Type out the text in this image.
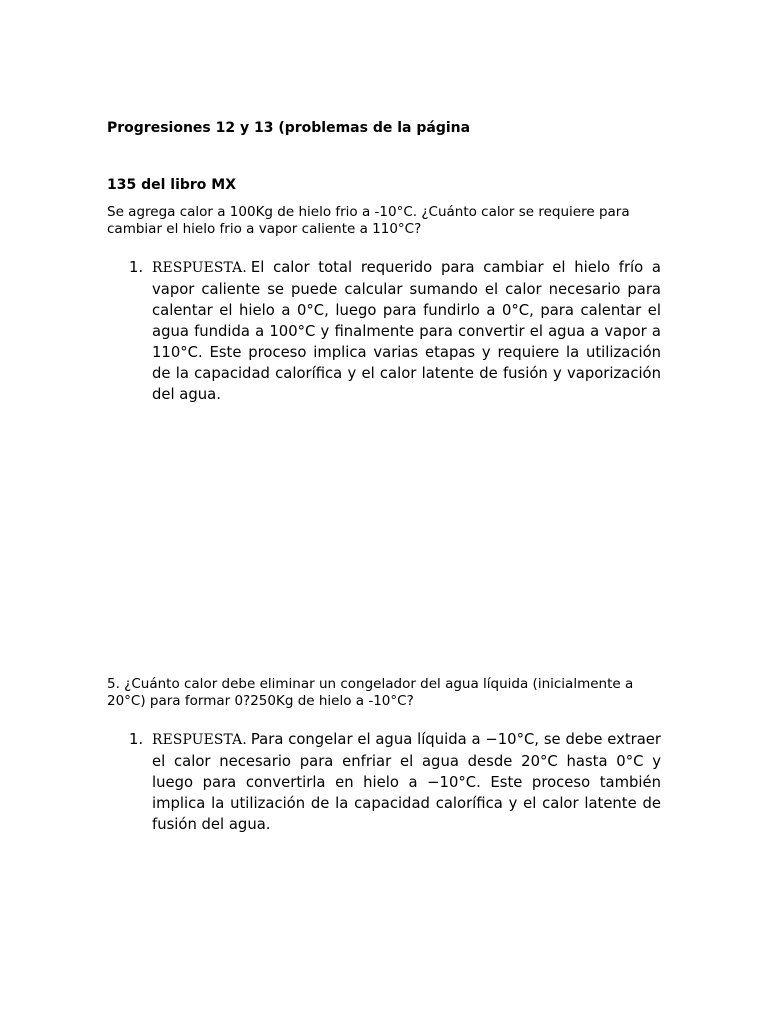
Progresiones 12 y 13 (problemas de la página

135 del libro MX

Se agrega calor a 100Kg de hielo frio a -10°C. ¿Cuánto calor se requiere para cambiar el hielo frio a vapor caliente a 110°C?

1. RESPUESTA. El calor total requerido para cambiar el hielo frío a vapor caliente se puede calcular sumando el calor necesario para calentar el hielo a 0°C, luego para fundirlo a 0°C, para calentar el agua fundida a 100°C y finalmente para convertir el agua a vapor a 110°C. Este proceso implica varias etapas y requiere la utilización de la capacidad calorífica y el calor latente de fusión y vaporización del agua.

5. ¿Cuánto calor debe eliminar un congelador del agua líquida (inicialmente a 20°C) para formar 0?250Kg de hielo a -10°C?

1. RESPUESTA. Para congelar el agua líquida a −10°C, se debe extraer el calor necesario para enfriar el agua desde 20°C hasta 0°C y luego para convertirla en hielo a −10°C. Este proceso también implica la utilización de la capacidad calorífica y el calor latente de fusión del agua.
